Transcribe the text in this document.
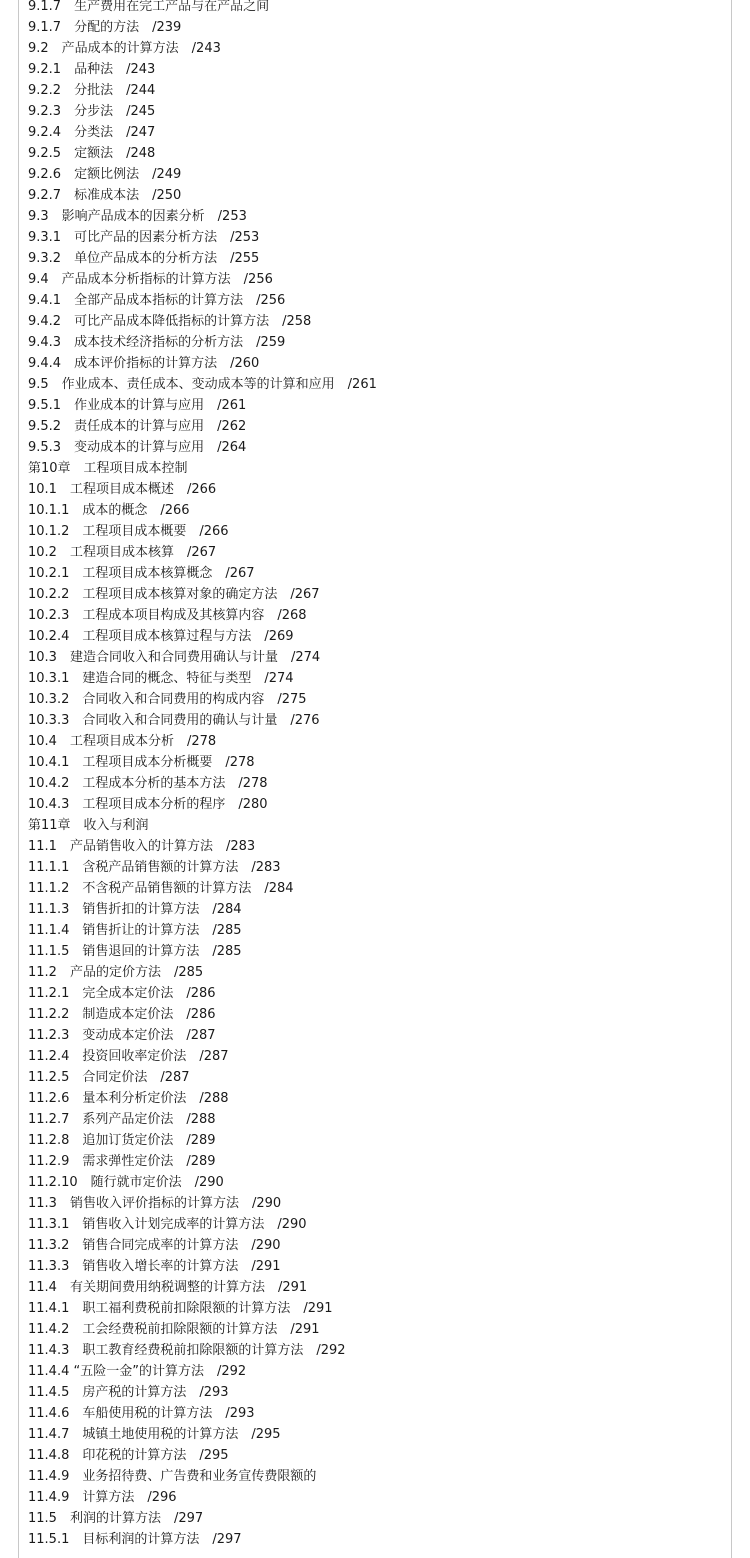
9.1.7　生产费用在完工产品与在产品之间
9.1.7　分配的方法　/239
9.2　产品成本的计算方法　/243
9.2.1　品种法　/243
9.2.2　分批法　/244
9.2.3　分步法　/245
9.2.4　分类法　/247
9.2.5　定额法　/248
9.2.6　定额比例法　/249
9.2.7　标准成本法　/250
9.3　影响产品成本的因素分析　/253
9.3.1　可比产品的因素分析方法　/253
9.3.2　单位产品成本的分析方法　/255
9.4　产品成本分析指标的计算方法　/256
9.4.1　全部产品成本指标的计算方法　/256
9.4.2　可比产品成本降低指标的计算方法　/258
9.4.3　成本技术经济指标的分析方法　/259
9.4.4　成本评价指标的计算方法　/260
9.5　作业成本、责任成本、变动成本等的计算和应用　/261
9.5.1　作业成本的计算与应用　/261
9.5.2　责任成本的计算与应用　/262
9.5.3　变动成本的计算与应用　/264
第10章　工程项目成本控制
10.1　工程项目成本概述　/266
10.1.1　成本的概念　/266
10.1.2　工程项目成本概要　/266
10.2　工程项目成本核算　/267
10.2.1　工程项目成本核算概念　/267
10.2.2　工程项目成本核算对象的确定方法　/267
10.2.3　工程成本项目构成及其核算内容　/268
10.2.4　工程项目成本核算过程与方法　/269
10.3　建造合同收入和合同费用确认与计量　/274
10.3.1　建造合同的概念、特征与类型　/274
10.3.2　合同收入和合同费用的构成内容　/275
10.3.3　合同收入和合同费用的确认与计量　/276
10.4　工程项目成本分析　/278
10.4.1　工程项目成本分析概要　/278
10.4.2　工程成本分析的基本方法　/278
10.4.3　工程项目成本分析的程序　/280
第11章　收入与利润
11.1　产品销售收入的计算方法　/283
11.1.1　含税产品销售额的计算方法　/283
11.1.2　不含税产品销售额的计算方法　/284
11.1.3　销售折扣的计算方法　/284
11.1.4　销售折让的计算方法　/285
11.1.5　销售退回的计算方法　/285
11.2　产品的定价方法　/285
11.2.1　完全成本定价法　/286
11.2.2　制造成本定价法　/286
11.2.3　变动成本定价法　/287
11.2.4　投资回收率定价法　/287
11.2.5　合同定价法　/287
11.2.6　量本利分析定价法　/288
11.2.7　系列产品定价法　/288
11.2.8　追加订货定价法　/289
11.2.9　需求弹性定价法　/289
11.2.10　随行就市定价法　/290
11.3　销售收入评价指标的计算方法　/290
11.3.1　销售收入计划完成率的计算方法　/290
11.3.2　销售合同完成率的计算方法　/290
11.3.3　销售收入增长率的计算方法　/291
11.4　有关期间费用纳税调整的计算方法　/291
11.4.1　职工福利费税前扣除限额的计算方法　/291
11.4.2　工会经费税前扣除限额的计算方法　/291
11.4.3　职工教育经费税前扣除限额的计算方法　/292
11.4.4 “五险一金”的计算方法　/292
11.4.5　房产税的计算方法　/293
11.4.6　车船使用税的计算方法　/293
11.4.7　城镇土地使用税的计算方法　/295
11.4.8　印花税的计算方法　/295
11.4.9　业务招待费、广告费和业务宣传费限额的
11.4.9　计算方法　/296
11.5　利润的计算方法　/297
11.5.1　目标利润的计算方法　/297
